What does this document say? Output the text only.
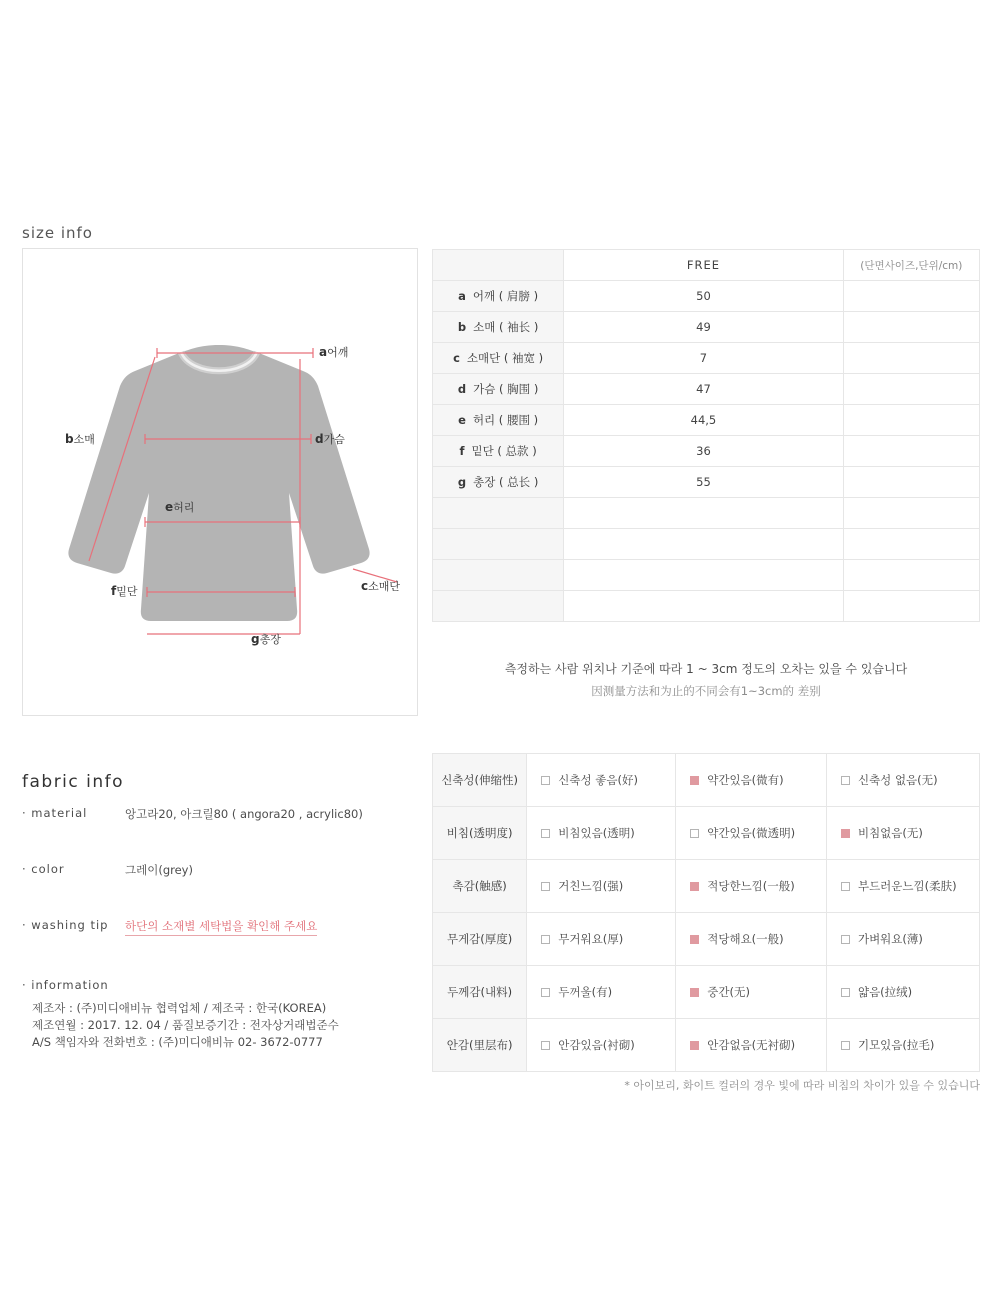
size info
a어깨
b소매	d가슴
e허리
c소매단
f밑단
g총장
	FREE	(단면사이즈,단위/cm)
a 어깨 ( 肩膀 )	50	
b 소매 ( 袖长 )	49	
c 소매단 ( 袖宽 )	7	
d 가슴 ( 胸围 )	47	
e 허리 ( 腰围 )	44,5	
f 밑단 ( 总款 )	36	
g 총장 ( 总长 )	55	

측정하는 사람 위치나 기준에 따라 1 ~ 3cm 정도의 오차는 있을 수 있습니다
因测量方法和为止的不同会有1~3cm的 差别
fabric info
· material	앙고라20, 아크릴80 ( angora20 , acrylic80)
· color	그레이(grey)
· washing tip 하단의 소재별 세탁법을 확인해 주세요
· information
제조자 : (주)미디애비뉴 협력업체 / 제조국 : 한국(KOREA)
제조연월 : 2017. 12. 04 / 품질보증기간 : 전자상거래법준수
A/S 책임자와 전화번호 : (주)미디애비뉴 02- 3672-0777
신축성(伸缩性)	신축성 좋음(好)	약간있음(微有)	신축성 없음(无)

비침(透明度)	비침있음(透明)	약간있음(微透明)	비침없음(无)

촉감(触感)	거친느낌(强)	적당한느낌(一般)	부드러운느낌(柔肤)

무게감(厚度)	무거워요(厚)	적당해요(一般)	가벼워요(薄)

두께감(내料)	두꺼울(有)	중간(无)	얇음(拉绒)

안감(里层布)	안감있음(衬砌)	안감없음(无衬砌)	기모있음(拉毛)
* 아이보리, 화이트 컬러의 경우 빛에 따라 비침의 차이가 있을 수 있습니다
